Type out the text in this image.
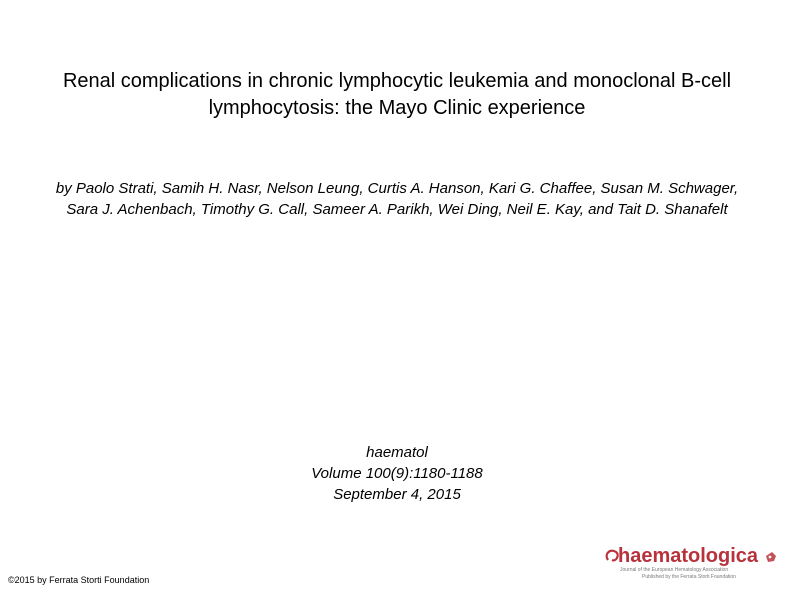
Renal complications in chronic lymphocytic leukemia and monoclonal B-cell lymphocytosis: the Mayo Clinic experience
by Paolo Strati, Samih H. Nasr, Nelson Leung, Curtis A. Hanson, Kari G. Chaffee, Susan M. Schwager, Sara J. Achenbach, Timothy G. Call, Sameer A. Parikh, Wei Ding, Neil E. Kay, and Tait D. Shanafelt
haematol
Volume 100(9):1180-1188
September 4, 2015
©2015 by Ferrata Storti Foundation
haematologica
Journal of the European Hematology Association
Published by the Ferrata Storti Foundation
